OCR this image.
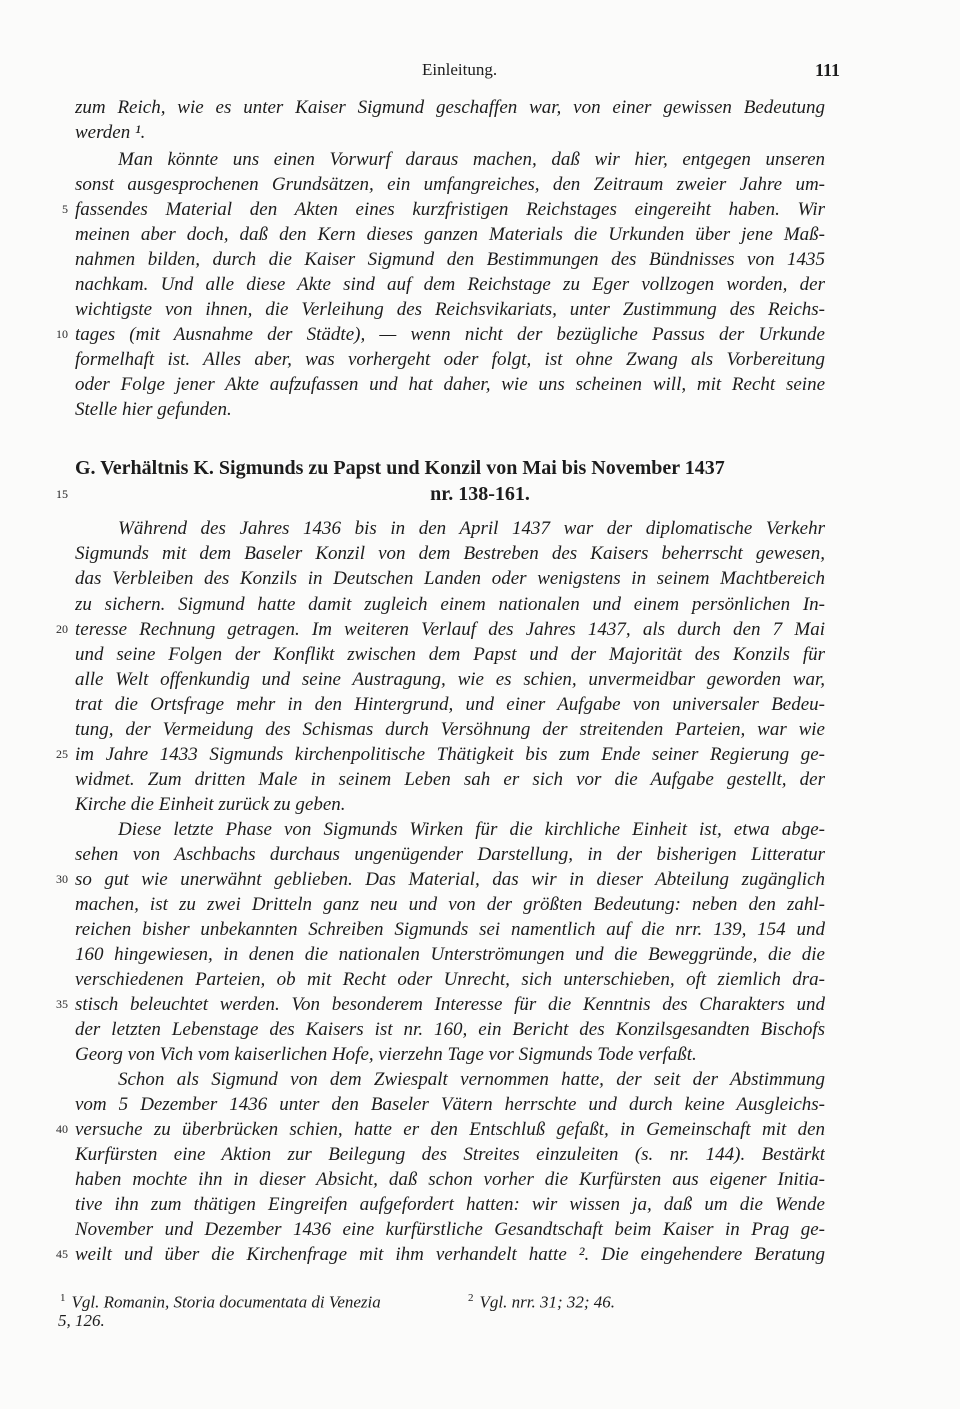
Einleitung.	111
zum Reich, wie es unter Kaiser Sigmund geschaffen war, von einer gewissen Bedeutung
werden ¹.
Man könnte uns einen Vorwurf daraus machen, daß wir hier, entgegen unseren
sonst ausgesprochenen Grundsätzen, ein umfangreiches, den Zeitraum zweier Jahre um-
5 fassendes Material den Akten eines kurzfristigen Reichstages eingereiht haben. Wir
meinen aber doch, daß den Kern dieses ganzen Materials die Urkunden über jene Maß-
nahmen bilden, durch die Kaiser Sigmund den Bestimmungen des Bündnisses von 1435
nachkam. Und alle diese Akte sind auf dem Reichstage zu Eger vollzogen worden, der
wichtigste von ihnen, die Verleihung des Reichsvikariats, unter Zustimmung des Reichs-
10 tages (mit Ausnahme der Städte), — wenn nicht der bezügliche Passus der Urkunde
formelhaft ist. Alles aber, was vorhergeht oder folgt, ist ohne Zwang als Vorbereitung
oder Folge jener Akte aufzufassen und hat daher, wie uns scheinen will, mit Recht seine
Stelle hier gefunden.
G. Verhältnis K. Sigmunds zu Papst und Konzil von Mai bis November 1437
15	nr. 138-161.
Während des Jahres 1436 bis in den April 1437 war der diplomatische Verkehr
Sigmunds mit dem Baseler Konzil von dem Bestreben des Kaisers beherrscht gewesen,
das Verbleiben des Konzils in Deutschen Landen oder wenigstens in seinem Machtbereich
zu sichern. Sigmund hatte damit zugleich einem nationalen und einem persönlichen In-
20 teresse Rechnung getragen. Im weiteren Verlauf des Jahres 1437, als durch den 7 Mai
und seine Folgen der Konflikt zwischen dem Papst und der Majorität des Konzils für
alle Welt offenkundig und seine Austragung, wie es schien, unvermeidbar geworden war,
trat die Ortsfrage mehr in den Hintergrund, und einer Aufgabe von universaler Bedeu-
tung, der Vermeidung des Schismas durch Versöhnung der streitenden Parteien, war wie
25 im Jahre 1433 Sigmunds kirchenpolitische Thätigkeit bis zum Ende seiner Regierung ge-
widmet. Zum dritten Male in seinem Leben sah er sich vor die Aufgabe gestellt, der
Kirche die Einheit zurück zu geben.
Diese letzte Phase von Sigmunds Wirken für die kirchliche Einheit ist, etwa abge-
sehen von Aschbachs durchaus ungenügender Darstellung, in der bisherigen Litteratur
30 so gut wie unerwähnt geblieben. Das Material, das wir in dieser Abteilung zugänglich
machen, ist zu zwei Dritteln ganz neu und von der größten Bedeutung: neben den zahl-
reichen bisher unbekannten Schreiben Sigmunds sei namentlich auf die nrr. 139, 154 und
160 hingewiesen, in denen die nationalen Unterströmungen und die Beweggründe, die die
verschiedenen Parteien, ob mit Recht oder Unrecht, sich unterschieben, oft ziemlich dra-
35 stisch beleuchtet werden. Von besonderem Interesse für die Kenntnis des Charakters und
der letzten Lebenstage des Kaisers ist nr. 160, ein Bericht des Konzilsgesandten Bischofs
Georg von Vich vom kaiserlichen Hofe, vierzehn Tage vor Sigmunds Tode verfaßt.
Schon als Sigmund von dem Zwiespalt vernommen hatte, der seit der Abstimmung
vom 5 Dezember 1436 unter den Baseler Vätern herrschte und durch keine Ausgleichs-
40 versuche zu überbrücken schien, hatte er den Entschluß gefaßt, in Gemeinschaft mit den
Kurfürsten eine Aktion zur Beilegung des Streites einzuleiten (s. nr. 144). Bestärkt
haben mochte ihn in dieser Absicht, daß schon vorher die Kurfürsten aus eigener Initia-
tive ihn zum thätigen Eingreifen aufgefordert hatten: wir wissen ja, daß um die Wende
November und Dezember 1436 eine kurfürstliche Gesandtschaft beim Kaiser in Prag ge-
45 weilt und über die Kirchenfrage mit ihm verhandelt hatte ². Die eingehendere Beratung
$^1$ Vgl. Romanin, Storia documentata di Venezia
5, 126.
$^2$ Vgl. nrr. 31; 32; 46.
